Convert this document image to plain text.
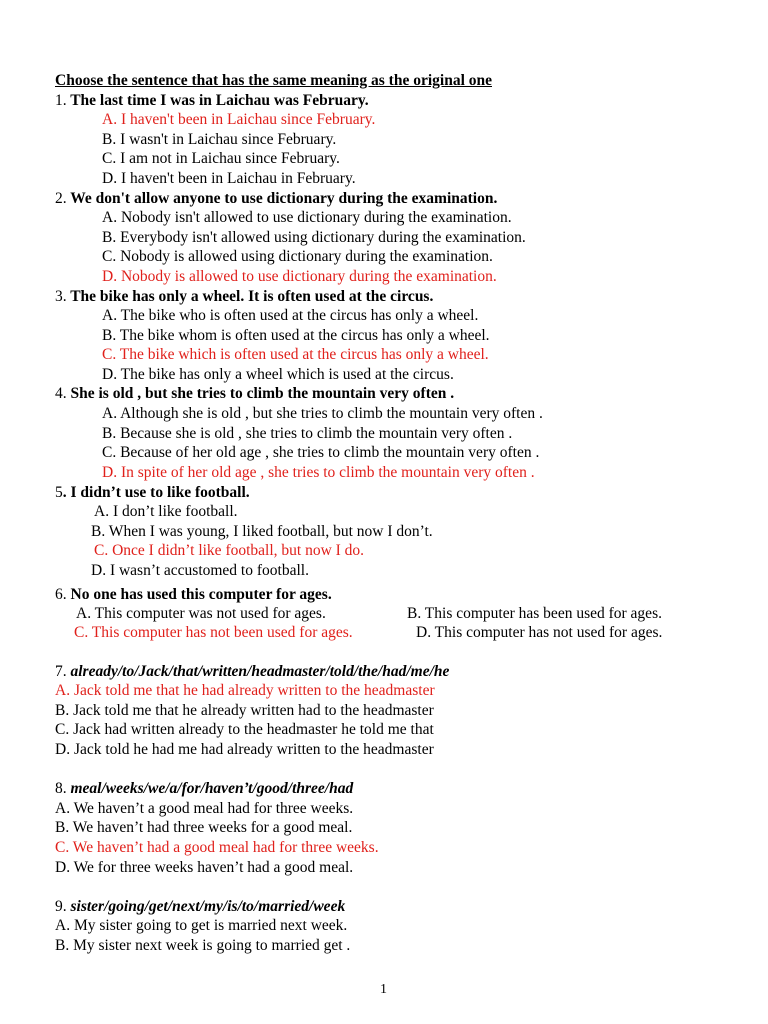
Choose the sentence that has the same meaning as the original one
1. The last time I was in Laichau was February.
A. I haven't been in Laichau since February.
B. I wasn't in Laichau since February.
C. I am not in Laichau since February.
D. I haven't been in Laichau in February.
2. We don't allow anyone to use dictionary during the examination.
A. Nobody isn't allowed to use dictionary during the examination.
B. Everybody isn't allowed using dictionary during the examination.
C. Nobody is allowed using dictionary during the examination.
D. Nobody is allowed to use dictionary during the examination.
3. The bike has only a wheel. It is often used at the circus.
A. The bike who is often used at the circus has only a wheel.
B. The bike whom is often used at the circus has only a wheel.
C. The bike which is often used at the circus has only a wheel.
D. The bike has only a wheel which is used at the circus.
4. She is old , but she tries to climb the mountain very often .
A. Although she is old , but she tries to climb the mountain very often .
B. Because she is old , she tries to climb the mountain very often .
C. Because of her old age , she tries to climb the mountain very often .
D. In spite of her old age , she tries to climb the mountain very often .
5. I didn’t use to like football.
A. I don’t like football.
B. When I was young, I liked football, but now I don’t.
C. Once I didn’t like football, but now I do.
D. I wasn’t accustomed to football.
6. No one has used this computer for ages.
A. This computer was not used for ages.	B. This computer has been used for ages.
C. This computer has not been used for ages.	D. This computer has not used for ages.
7. already/to/Jack/that/written/headmaster/told/the/had/me/he
A. Jack told me that he had already written to the headmaster
B. Jack told me that he already written had to the headmaster
C. Jack had written already to the headmaster he told me that
D. Jack told he had me had already written to the headmaster
8. meal/weeks/we/a/for/haven’t/good/three/had
A. We haven’t a good meal had for three weeks.
B. We haven’t had three weeks for a good meal.
C. We haven’t had a good meal had for three weeks.
D. We for three weeks haven’t had a good meal.
9. sister/going/get/next/my/is/to/married/week
A. My sister going to get is married next week.
B. My sister next week is going to married get .
1
